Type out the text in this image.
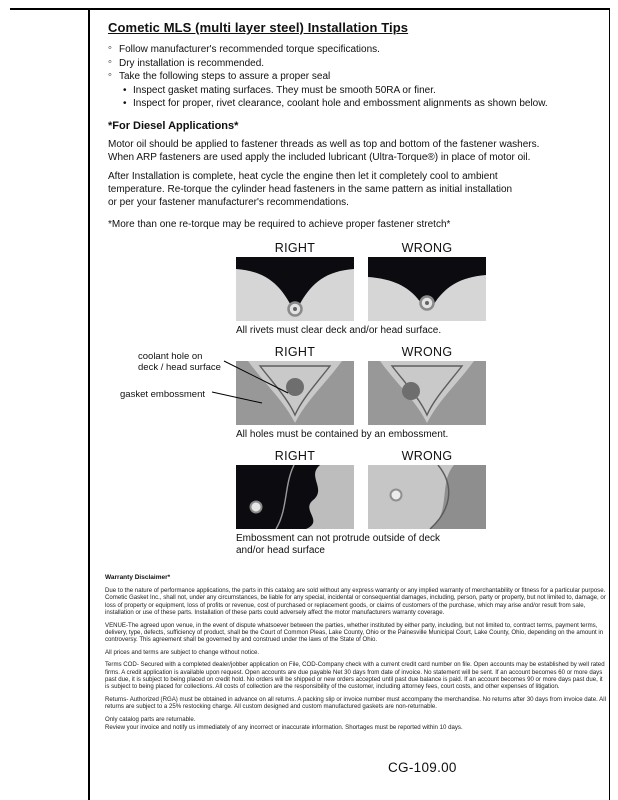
Cometic MLS (multi layer steel) Installation Tips
◦ Follow manufacturer's recommended torque specifications.
◦ Dry installation is recommended.
◦ Take the following steps to assure a proper seal
• Inspect gasket mating surfaces. They must be smooth 50RA or finer.
• Inspect for proper, rivet clearance, coolant hole and embossment alignments as shown below.
*For Diesel Applications*
Motor oil should be applied to fastener threads as well as top and bottom of the fastener washers.
When ARP fasteners are used apply the included lubricant (Ultra-Torque®) in place of motor oil.
After Installation is complete, heat cycle the engine then let it completely cool to ambient
temperature. Re-torque the cylinder head fasteners in the same pattern as initial installation
or per your fastener manufacturer's recommendations.
*More than one re-torque may be required to achieve proper fastener stretch*
RIGHT	WRONG
All rivets must clear deck and/or head surface.
coolant hole on
deck / head surface
gasket embossment
RIGHT	WRONG
All holes must be contained by an embossment.
RIGHT	WRONG
Embossment can not protrude outside of deck
and/or head surface
Warranty Disclaimer*

Due to the nature of performance applications, the parts in this catalog are sold without any express warranty or any implied warranty of merchantability or fitness for a particular purpose. Cometic Gasket Inc., shall not, under any circumstances, be liable for any special, incidental or consequential damages, including, person, party or property, but not limited to, damage, or loss of property or equipment, loss of profits or revenue, cost of purchased or replacement goods, or claims of customers of the purchase, which may arise and/or result from sale, installation or use of these parts. Installation of these parts could adversely affect the motor manufacturers warranty coverage.

VENUE-The agreed upon venue, in the event of dispute whatsoever between the parties, whether instituted by either party, including, but not limited to, contract terms, payment terms, delivery, type, defects, sufficiency of product, shall be the Court of Common Pleas, Lake County, Ohio or the Painesville Municipal Court, Lake County, Ohio, depending on the amount in controversy. This agreement shall be governed by and construed under the laws of the State of Ohio.

All prices and terms are subject to change without notice.

Terms COD- Secured with a completed dealer/jobber application on File, COD-Company check with a current credit card number on file. Open accounts may be established by well rated firms. A credit application is available upon request. Open accounts are due payable Net 30 days from date of invoice. No statement will be sent. If an account becomes 60 or more days past due, it is subject to being placed on credit hold. No orders will be shipped or new orders accepted until past due balance is paid. If an account becomes 90 or more days past due, it is subject to being placed for collections. All costs of collection are the responsibility of the customer, including attorney fees, court costs, and other expenses of litigation.

Returns- Authorized (RGA) must be obtained in advance on all returns. A packing slip or invoice number must accompany the merchandise. No returns after 30 days from invoice date. All returns are subject to a 25% restocking charge. All custom designed and custom manufactured gaskets are non-returnable.

Only catalog parts are returnable.

Review your invoice and notify us immediately of any incorrect or inaccurate information. Shortages must be reported within 10 days.

CG-109.00
